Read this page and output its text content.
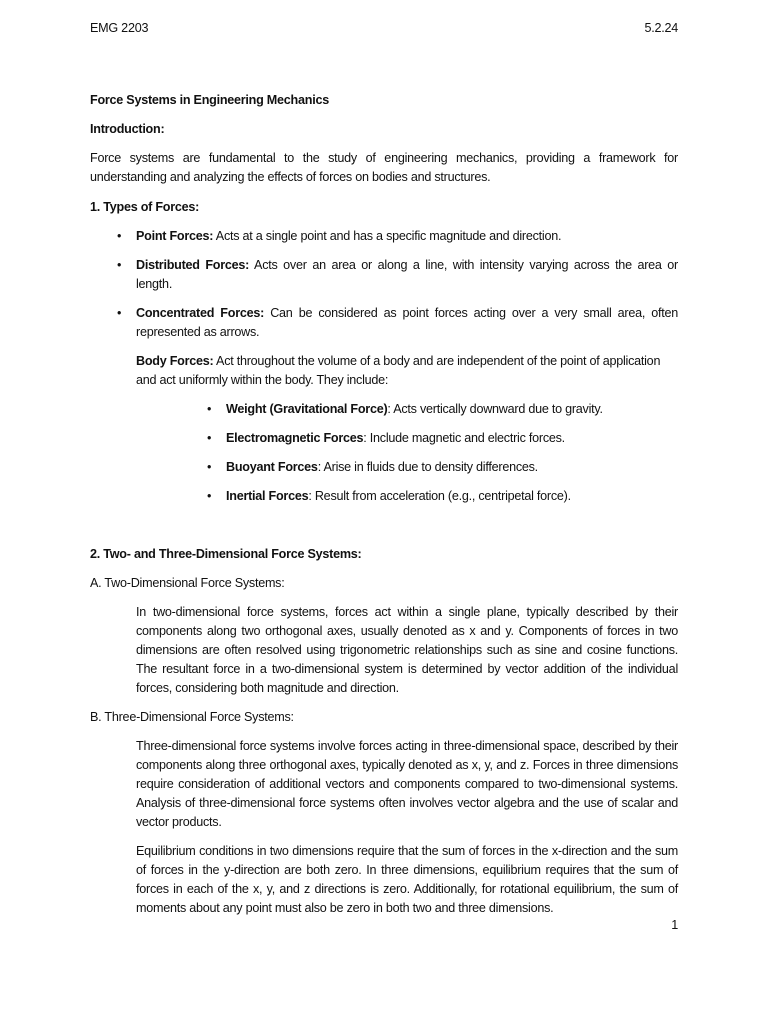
EMG 2203	5.2.24
Force Systems in Engineering Mechanics
Introduction:
Force systems are fundamental to the study of engineering mechanics, providing a framework for understanding and analyzing the effects of forces on bodies and structures.
1. Types of Forces:
• Point Forces: Acts at a single point and has a specific magnitude and direction.
• Distributed Forces: Acts over an area or along a line, with intensity varying across the area or length.
• Concentrated Forces: Can be considered as point forces acting over a very small area, often represented as arrows.
Body Forces: Act throughout the volume of a body and are independent of the point of application and act uniformly within the body. They include:
• Weight (Gravitational Force): Acts vertically downward due to gravity.
• Electromagnetic Forces: Include magnetic and electric forces.
• Buoyant Forces: Arise in fluids due to density differences.
• Inertial Forces: Result from acceleration (e.g., centripetal force).
2. Two- and Three-Dimensional Force Systems:
A. Two-Dimensional Force Systems:
In two-dimensional force systems, forces act within a single plane, typically described by their components along two orthogonal axes, usually denoted as x and y. Components of forces in two dimensions are often resolved using trigonometric relationships such as sine and cosine functions. The resultant force in a two-dimensional system is determined by vector addition of the individual forces, considering both magnitude and direction.
B. Three-Dimensional Force Systems:
Three-dimensional force systems involve forces acting in three-dimensional space, described by their components along three orthogonal axes, typically denoted as x, y, and z. Forces in three dimensions require consideration of additional vectors and components compared to two-dimensional systems. Analysis of three-dimensional force systems often involves vector algebra and the use of scalar and vector products.
Equilibrium conditions in two dimensions require that the sum of forces in the x-direction and the sum of forces in the y-direction are both zero. In three dimensions, equilibrium requires that the sum of forces in each of the x, y, and z directions is zero. Additionally, for rotational equilibrium, the sum of moments about any point must also be zero in both two and three dimensions.
1
